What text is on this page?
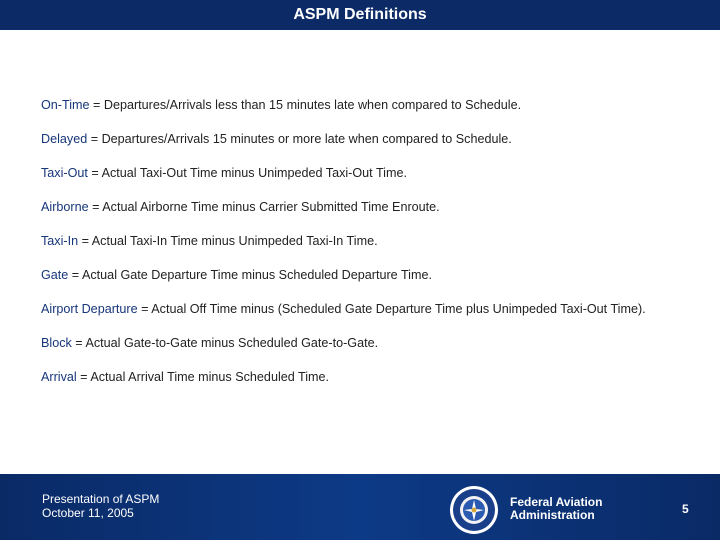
ASPM Definitions

On-Time = Departures/Arrivals less than 15 minutes late when compared to Schedule.

Delayed = Departures/Arrivals 15 minutes or more late when compared to Schedule.

Taxi-Out = Actual Taxi-Out Time minus Unimpeded Taxi-Out Time.

Airborne = Actual Airborne Time minus Carrier Submitted Time Enroute.

Taxi-In = Actual Taxi-In Time minus Unimpeded Taxi-In Time.

Gate = Actual Gate Departure Time minus Scheduled Departure Time.

Airport Departure = Actual Off Time minus (Scheduled Gate Departure Time plus Unimpeded Taxi-Out Time).

Block = Actual Gate-to-Gate minus Scheduled Gate-to-Gate.

Arrival = Actual Arrival Time minus Scheduled Time.

Presentation of ASPM
October 11, 2005
Federal Aviation
Administration	5
